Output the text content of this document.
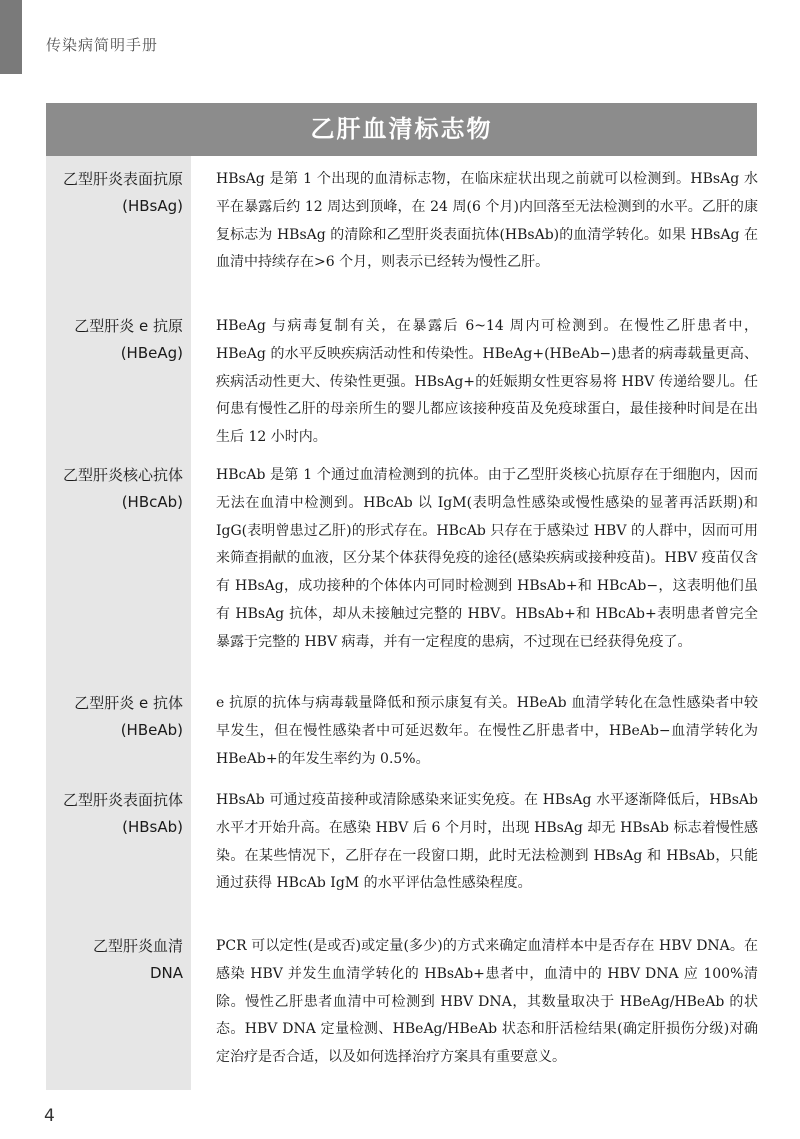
传染病简明手册
乙肝血清标志物
乙型肝炎表面抗原
(HBsAg)
HBsAg 是第 1 个出现的血清标志物，在临床症状出现之前就可以检测到。HBsAg 水平在暴露后约 12 周达到顶峰，在 24 周(6 个月)内回落至无法检测到的水平。乙肝的康复标志为 HBsAg 的清除和乙型肝炎表面抗体(HBsAb)的血清学转化。如果 HBsAg 在血清中持续存在>6 个月，则表示已经转为慢性乙肝。
乙型肝炎 e 抗原
(HBeAg)
HBeAg 与病毒复制有关，在暴露后 6~14 周内可检测到。在慢性乙肝患者中，HBeAg 的水平反映疾病活动性和传染性。HBeAg+(HBeAb−)患者的病毒载量更高、疾病活动性更大、传染性更强。HBsAg+的妊娠期女性更容易将 HBV 传递给婴儿。任何患有慢性乙肝的母亲所生的婴儿都应该接种疫苗及免疫球蛋白，最佳接种时间是在出生后 12 小时内。
乙型肝炎核心抗体
(HBcAb)
HBcAb 是第 1 个通过血清检测到的抗体。由于乙型肝炎核心抗原存在于细胞内，因而无法在血清中检测到。HBcAb 以 IgM(表明急性感染或慢性感染的显著再活跃期)和 IgG(表明曾患过乙肝)的形式存在。HBcAb 只存在于感染过 HBV 的人群中，因而可用来筛查捐献的血液，区分某个体获得免疫的途径(感染疾病或接种疫苗)。HBV 疫苗仅含有 HBsAg，成功接种的个体体内可同时检测到 HBsAb+和 HBcAb−，这表明他们虽有 HBsAg 抗体，却从未接触过完整的 HBV。HBsAb+和 HBcAb+表明患者曾完全暴露于完整的 HBV 病毒，并有一定程度的患病，不过现在已经获得免疫了。
乙型肝炎 e 抗体
(HBeAb)
e 抗原的抗体与病毒载量降低和预示康复有关。HBeAb 血清学转化在急性感染者中较早发生，但在慢性感染者中可延迟数年。在慢性乙肝患者中，HBeAb−血清学转化为 HBeAb+的年发生率约为 0.5%。
乙型肝炎表面抗体
(HBsAb)
HBsAb 可通过疫苗接种或清除感染来证实免疫。在 HBsAg 水平逐渐降低后，HBsAb 水平才开始升高。在感染 HBV 后 6 个月时，出现 HBsAg 却无 HBsAb 标志着慢性感染。在某些情况下，乙肝存在一段窗口期，此时无法检测到 HBsAg 和 HBsAb，只能通过获得 HBcAb IgM 的水平评估急性感染程度。
乙型肝炎血清
DNA
PCR 可以定性(是或否)或定量(多少)的方式来确定血清样本中是否存在 HBV DNA。在感染 HBV 并发生血清学转化的 HBsAb+患者中，血清中的 HBV DNA 应 100%清除。慢性乙肝患者血清中可检测到 HBV DNA，其数量取决于 HBeAg/HBeAb 的状态。HBV DNA 定量检测、HBeAg/HBeAb 状态和肝活检结果(确定肝损伤分级)对确定治疗是否合适，以及如何选择治疗方案具有重要意义。
4
